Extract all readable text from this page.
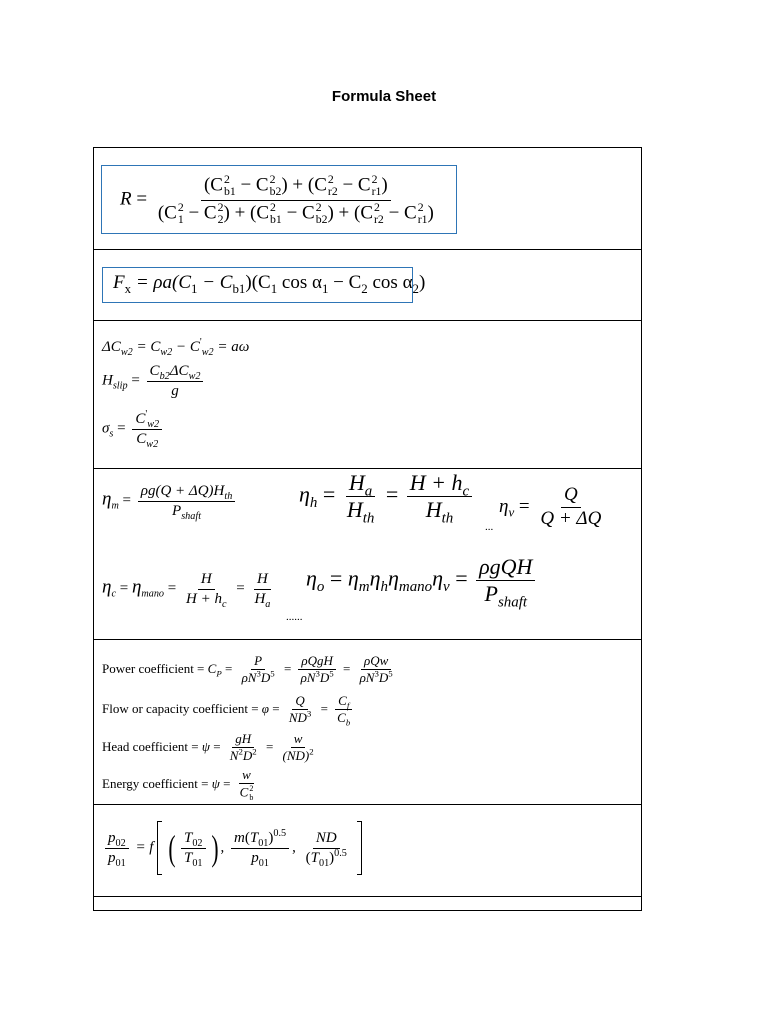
Formula Sheet
R = (C 2
b1 − C 2
b2 ) + (C 2
r2 − C 2
r1 )
(C 2
1 − C 2
2 ) + (C 2
b1 − C 2
b2 ) + (C 2
r2 − C 2
r1 )
$F_x = \rho a(C_1 - C_{b1})(C_1$ $\cos \alpha_1 - C_2$ $\cos \alpha_2$)
$\Delta C_{w2} = C_{w2} - C'_{w2} = a\omega$
$H_{slip} = \frac{C_{b2}\Delta C_{w2}}{g}$
$\sigma_s = \frac{C'_{w2}}{C_{w2}}$
$\eta_m = \frac{\rho g(Q + \Delta Q)H_{th}}{P_{shaft}}$	$\eta_h = \frac{H_a}{H_{th}} = \frac{H + h_c}{H_{th}}$
...
$\eta_v = \frac{Q}{Q + \Delta Q}$
$\eta_c = \eta_{mano} = \frac{H}{H + h_c} = \frac{H}{H_a}$
......
$\eta_o = \eta_m\eta_h\eta_{mano}\eta_v = \frac{\text{ρgQH}}{P_{shaft}}$
Power coefficient = $C_P = \frac{P}{\rho N^3D^5} = \frac{\text{ρQgH}}{\rho N^3D^5} = \frac{\text{ρQw}}{\rho N^3D^5}$
Flow or capacity coefficient = $\varphi = \frac{Q}{ND^3} = \frac{C_f}{C_b}$
Head coefficient = $\psi = \frac{gH}{N^2D^2} = \frac{w}{(ND)^2}$
Energy coefficient = ψ = w
C 2
b
$\frac{p_{02}}{p_{01}} = f$ ( $\frac{T_{02}}{T_{01}}$ ) , $\frac{m(T_{01})^{0.5}}{p_{01}}$ , $\frac{ND}{(T_{01})^{0.5}}$
